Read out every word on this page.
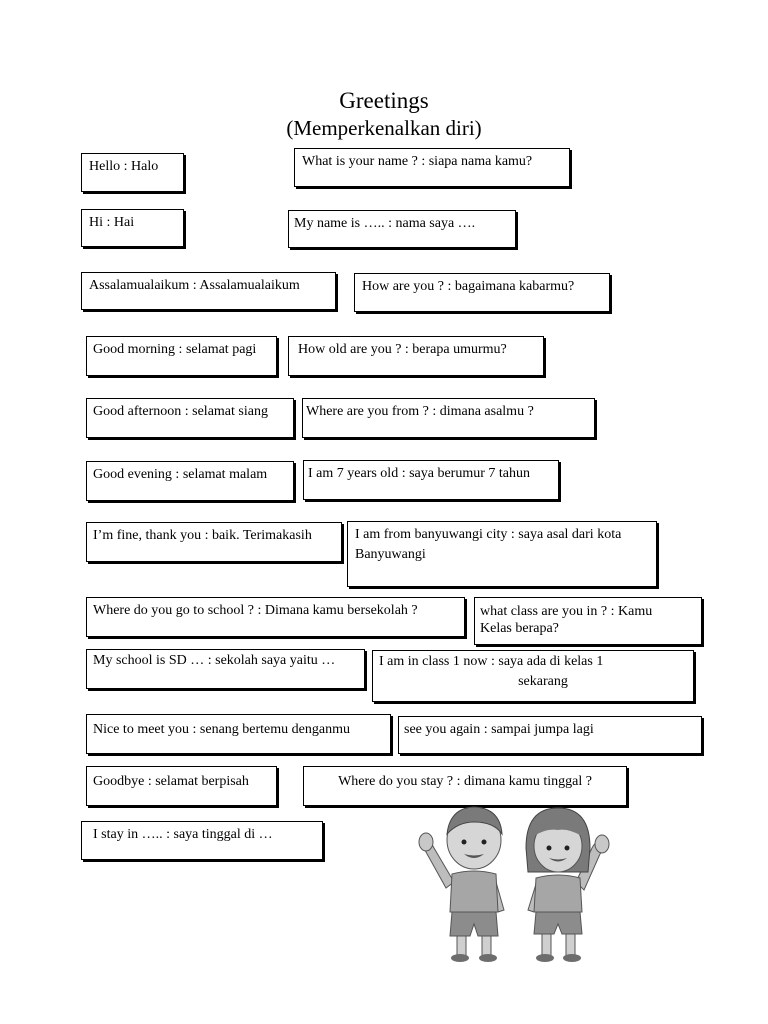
Greetings
(Memperkenalkan diri)
Hello : Halo	What is your name ? : siapa nama kamu?
Hi : Hai	My name is ….. : nama saya ….
Assalamualaikum : Assalamualaikum	How are you ? : bagaimana kabarmu?
Good morning : selamat pagi	How old are you ? : berapa umurmu?
Good afternoon : selamat siang	Where are you from ? : dimana asalmu ?
Good evening : selamat malam	I am 7 years old : saya berumur 7 tahun
I’m fine, thank you : baik. Terimakasih	I am from banyuwangi city : saya asal dari kota
Banyuwangi
Where do you go to school ? : Dimana kamu bersekolah ?	what class are you in ? : Kamu
Kelas berapa?
My school is SD … : sekolah saya yaitu …	I am in class 1 now : saya ada di kelas 1
sekarang
Nice to meet you : senang bertemu denganmu	see you again : sampai jumpa lagi
Goodbye : selamat berpisah	Where do you stay ? : dimana kamu tinggal ?
I stay in ….. : saya tinggal di …
